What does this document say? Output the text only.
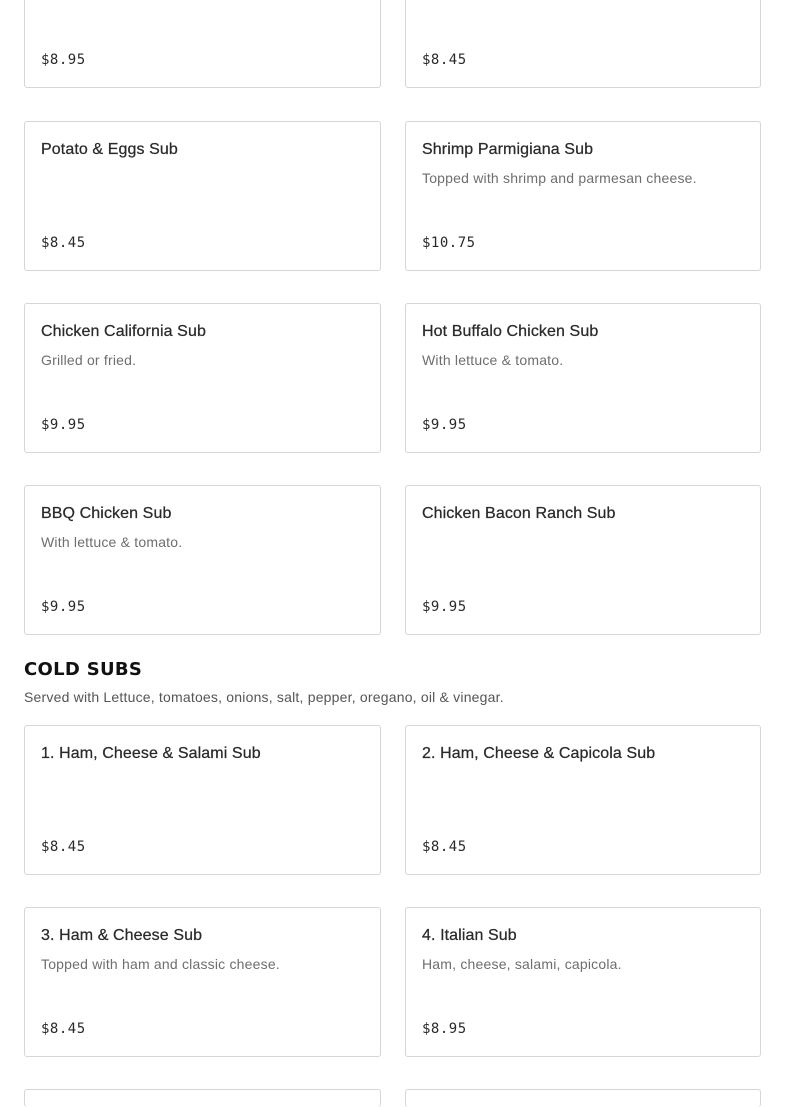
$8.95	$8.45
Potato & Eggs Sub
$8.45
Shrimp Parmigiana Sub
Topped with shrimp and parmesan cheese.
$10.75
Chicken California Sub
Grilled or fried.
$9.95
Hot Buffalo Chicken Sub
With lettuce & tomato.
$9.95
BBQ Chicken Sub
With lettuce & tomato.
$9.95
Chicken Bacon Ranch Sub
$9.95
COLD SUBS
Served with Lettuce, tomatoes, onions, salt, pepper, oregano, oil & vinegar.
1. Ham, Cheese & Salami Sub
$8.45
2. Ham, Cheese & Capicola Sub
$8.45
3. Ham & Cheese Sub
Topped with ham and classic cheese.
$8.45
4. Italian Sub
Ham, cheese, salami, capicola.
$8.95
